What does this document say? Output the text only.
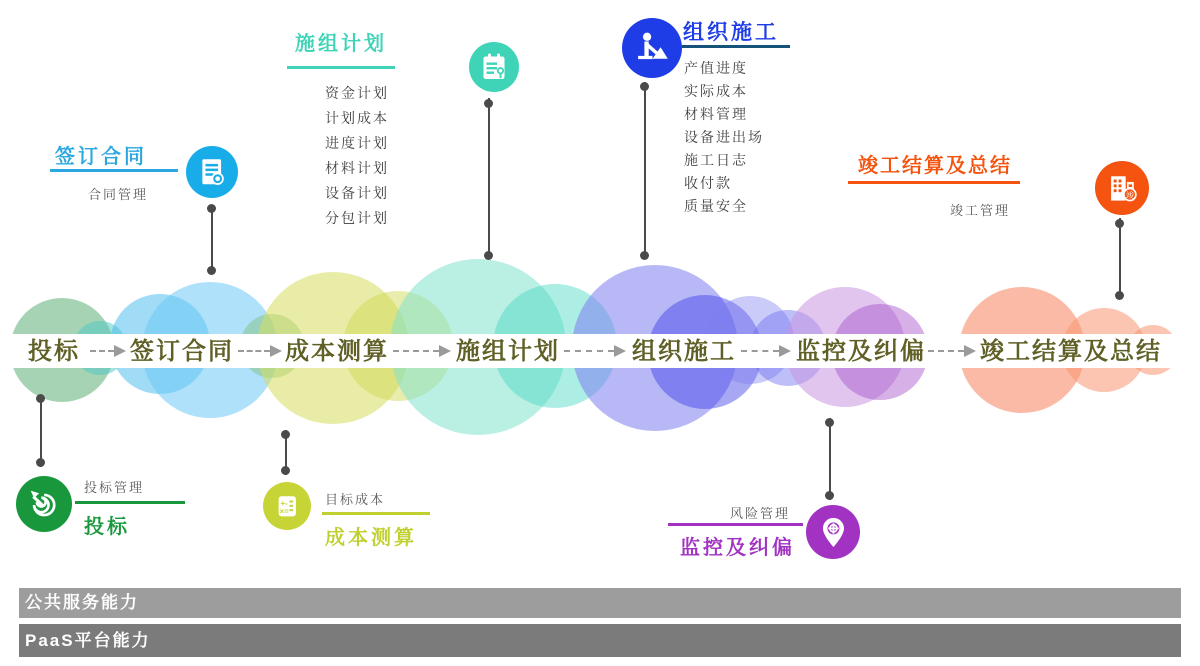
投标 签订合同 成本测算	施组计划	组织施工	监控及纠偏 竣工结算及总结
签订合同
合同管理
施组计划
资金计划
计划成本
进度计划
材料计划
设备计划
分包计划
组织施工
产值进度
实际成本
材料管理
设备进出场
施工日志
收付款
质量安全
竣工结算及总结
竣工管理
竣
投标管理
投标
+-
×=
目标成本
成本测算
风险管理
监控及纠偏
公共服务能力
PaaS平台能力
